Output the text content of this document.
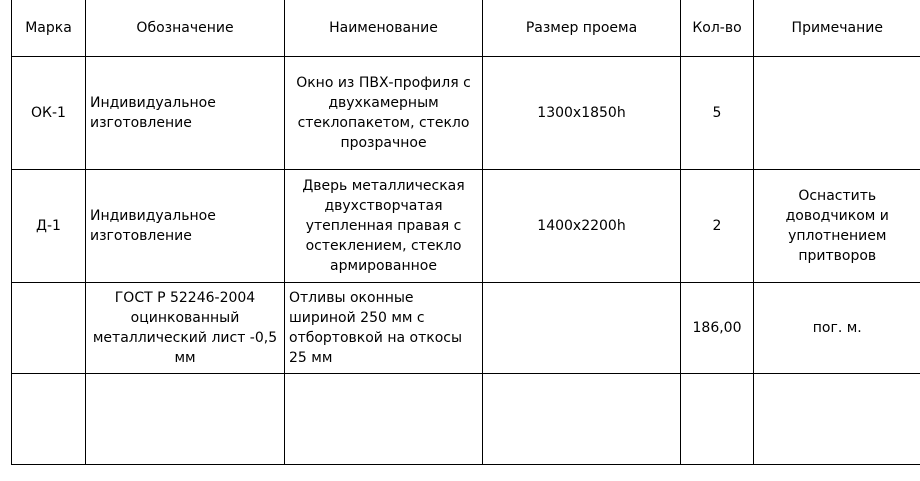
Марка	Обозначение	Наименование	Размер проема	Кол-во	Примечание
ОК-1	Индивидуальное изготовление	Окно из ПВХ-профиля с двухкамерным стеклопакетом, стекло прозрачное	1300х1850h	5	
Д-1	Индивидуальное изготовление	Дверь металлическая двухстворчатая утепленная правая с остеклением, стекло армированное	1400х2200h	2	Оснастить доводчиком и уплотнением притворов
	ГОСТ Р 52246-2004 оцинкованный металлический лист -0,5 мм	Отливы оконные шириной 250 мм с отбортовкой на откосы 25 мм		186,00	пог. м.
